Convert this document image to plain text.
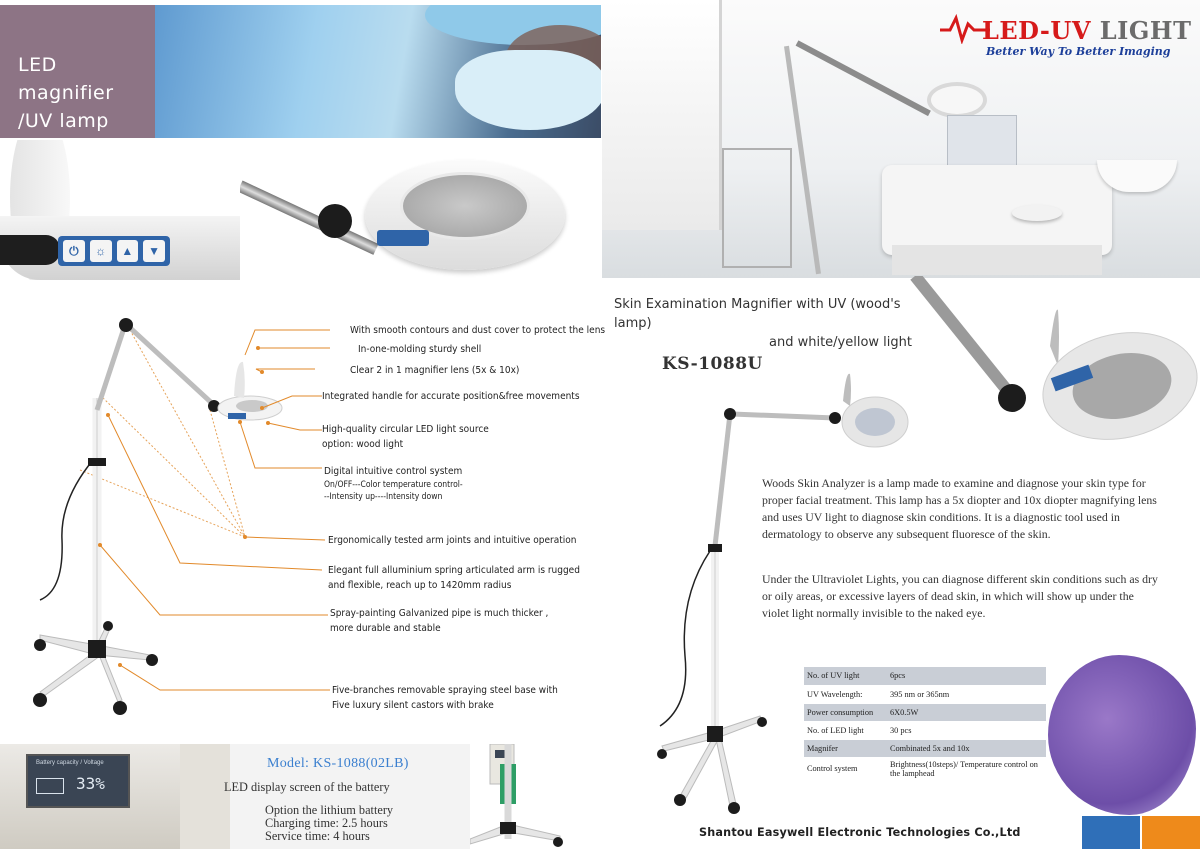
LED magnifier
/UV lamp
⏻	☼	▲	▼
LED-UV LIGHT
Better Way To Better Imaging
Skin Examination Magnifier with UV (wood's lamp)
and white/yellow light
KS-1088U
With smooth contours and dust cover to protect the lens
In-one-molding sturdy shell
Clear 2 in 1 magnifier lens (5x & 10x)
Integrated handle for accurate position&free movements
High-quality circular LED light source
option: wood light
Digital intuitive control system
On/OFF---Color temperature control-
--Intensity up----Intensity down
Ergonomically tested arm joints and intuitive operation
Elegant full alluminium spring articulated arm is rugged
and flexible, reach up to 1420mm radius
Spray-painting Galvanized pipe is much thicker ,
more durable and stable
Five-branches removable spraying steel base with
Five luxury silent castors with brake
Woods Skin Analyzer is a lamp made to examine and diagnose your skin type for proper facial treatment. This lamp has a 5x diopter and 10x diopter magnifying lens and uses UV light to diagnose skin conditions. It is a diagnostic tool used in dermatology to observe any subsequent fluoresce of the skin.
Under the Ultraviolet Lights, you can diagnose different skin conditions such as dry or oily areas, or excessive layers of dead skin, in which will show up under the violet light normally invisible to the naked eye.
No. of UV light	6pcs
UV Wavelength:	395 nm or 365nm
Power consumption	6X0.5W
No. of LED light	30 pcs
Magnifer	Combinated 5x and 10x
Control system	Brightness(10steps)/ Temperature control on the lamphead
Battery capacity / Voltage
33%
Model: KS-1088(02LB)
LED display screen of the battery
Option the lithium battery
Charging time: 2.5 hours
Service time: 4 hours	Shantou Easywell Electronic Technologies Co.,Ltd
